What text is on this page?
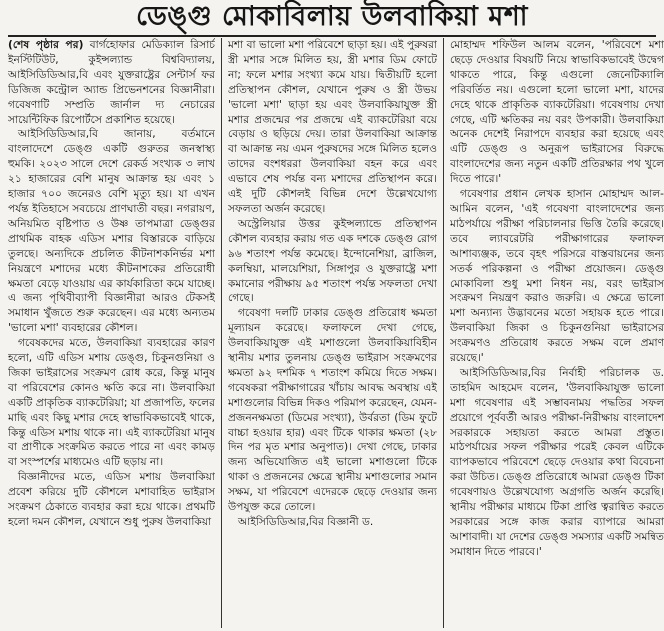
ডেঙ্গু মোকাবিলায় উলবাকিয়া মশা

(শেষ পৃষ্ঠার পর) বার্গহোফার মেডিক্যাল রিসার্চ ইনস্টিটিউট, কুইন্সল্যান্ড বিশ্ববিদ্যালয়, আইসিডিডিআর,বি এবং যুক্তরাষ্ট্রের সেন্টার্স ফর ডিজিজ কন্ট্রোল অ্যান্ড প্রিভেনশনের বিজ্ঞানীরা। গবেষণাটি সম্প্রতি জার্নাল দ্য নেচারের সায়েন্টিফিক রিপোর্টসে প্রকাশিত হয়েছে।

আইসিডিডিআর,বি জানায়, বর্তমানে বাংলাদেশে ডেঙ্গু একটি গুরুতর জনস্বাস্থ্য হুমকি। ২০২৩ সালে দেশে রেকর্ড সংখ্যক ৩ লাখ ২১ হাজারের বেশি মানুষ আক্রান্ত হয় এবং ১ হাজার ৭০০ জনেরও বেশি মৃত্যু হয়। যা এখন পর্যন্ত ইতিহাসে সবচেয়ে প্রাণঘাতী বছর। নগরায়ণ, অনিয়মিত বৃষ্টিপাত ও উষ্ণ তাপমাত্রা ডেঙ্গুর প্রাথমিক বাহক এডিস মশার বিস্তারকে বাড়িয়ে তুলছে। অন্যদিকে প্রচলিত কীটনাশকনির্ভর মশা নিয়ন্ত্রণে মশাদের মধ্যে কীটনাশকের প্রতিরোধী ক্ষমতা বেড়ে যাওয়ায় এর কার্যকারিতা কমে যাচ্ছে। এ জন্য পৃথিবীব্যাপী বিজ্ঞানীরা আরও টেকসই সমাধান খুঁজতে শুরু করেছেন। এর মধ্যে অন্যতম 'ভালো মশা' ব্যবহারের কৌশল।

গবেষকদের মতে, উলবাকিয়া ব্যবহারের কারণ হলো, এটি এডিস মশায় ডেঙ্গু, চিকুনগুনিয়া ও জিকা ভাইরাসের সংক্রমণ রোধ করে, কিন্তু মানুষ বা পরিবেশের কোনও ক্ষতি করে না। উলবাকিয়া একটি প্রাকৃতিক ব্যাকটেরিয়া; যা প্রজাপতি, ফলের মাছি এবং কিছু মশার দেহে স্বাভাবিকভাবেই থাকে, কিন্তু এডিস মশায় থাকে না। এই ব্যাকটেরিয়া মানুষ বা প্রাণীকে সংক্রমিত করতে পারে না এবং কামড় বা সংস্পর্শের মাধ্যমেও এটি ছড়ায় না।

বিজ্ঞানীদের মতে, এডিস মশায় উলবাকিয়া প্রবেশ করিয়ে দুটি কৌশলে মশাবাহিত ভাইরাস সংক্রমণ ঠেকাতে ব্যবহার করা হয়ে থাকে। প্রথমটি হলো দমন কৌশল, যেখানে শুধু পুরুষ উলবাকিয়া

মশা বা ভালো মশা পরিবেশে ছাড়া হয়। এই পুরুষরা স্ত্রী মশার সঙ্গে মিলিত হয়, স্ত্রী মশার ডিম ফোটে না; ফলে মশার সংখ্যা কমে যায়। দ্বিতীয়টি হলো প্রতিস্থাপন কৌশল, যেখানে পুরুষ ও স্ত্রী উভয় 'ভালো মশা' ছাড়া হয় এবং উলবাকিয়াযুক্ত স্ত্রী মশার প্রজন্মের পর প্রজন্মে এই ব্যাকটেরিয়া বয়ে বেড়ায় ও ছড়িয়ে দেয়। তারা উলবাকিয়া আক্রান্ত বা আক্রান্ত নয় এমন পুরুষদের সঙ্গে মিলিত হলেও তাদের বংশধররা উলবাকিয়া বহন করে এবং এভাবে শেষ পর্যন্ত বন্য মশাদের প্রতিস্থাপন করে। এই দুটি কৌশলই বিভিন্ন দেশে উল্লেখযোগ্য সফলতা অর্জন করেছে।

অস্ট্রেলিয়ার উত্তর কুইন্সল্যান্ডে প্রতিস্থাপন কৌশল ব্যবহার করায় গত এক দশকে ডেঙ্গু রোগ ৯৬ শতাংশ পর্যন্ত কমেছে। ইন্দোনেশিয়া, ব্রাজিল, কলম্বিয়া, মালয়েশিয়া, সিঙ্গাপুর ও যুক্তরাষ্ট্রে মশা কমানোর পরীক্ষায় ৯৫ শতাংশ পর্যন্ত সফলতা দেখা গেছে।

গবেষণা দলটি ঢাকার ডেঙ্গু প্রতিরোধ ক্ষমতা মূল্যায়ন করেছে। ফলাফলে দেখা গেছে, উলবাকিয়াযুক্ত এই মশাগুলো উলবাকিয়াবিহীন স্থানীয় মশার তুলনায় ডেঙ্গু ভাইরাস সংক্রমণের ক্ষমতা ৯২ দশমিক ৭ শতাংশ কমিয়ে দিতে সক্ষম। গবেষকরা পরীক্ষাগারের খাঁচায় আবদ্ধ অবস্থায় এই মশাগুলোর বিভিন্ন দিকও পরিমাপ করেছেন, যেমন- প্রজননক্ষমতা (ডিমের সংখ্যা), উর্বরতা (ডিম ফুটে বাচ্চা হওয়ার হার) এবং টিকে থাকার ক্ষমতা (২৮ দিন পর মৃত মশার অনুপাত)। দেখা গেছে, ঢাকার জন্য অভিযোজিত এই ভালো মশাগুলো টিকে থাকা ও প্রজননের ক্ষেত্রে স্থানীয় মশাগুলোর সমান সক্ষম, যা পরিবেশে এদেরকে ছেড়ে দেওয়ার জন্য উপযুক্ত করে তোলে।

আইসিডিডিআর,বির বিজ্ঞানী ড.

মোহাম্মদ শফিউল আলম বলেন, 'পরিবেশে মশা ছেড়ে দেওয়ার বিষয়টি নিয়ে স্বাভাবিকভাবেই উদ্বেগ থাকতে পারে, কিন্তু এগুলো জেনেটিক্যালি পরিবর্তিত নয়। এগুলো হলো ভালো মশা, যাদের দেহে থাকে প্রাকৃতিক ব্যাকটেরিয়া। গবেষণায় দেখা গেছে, এটি ক্ষতিকর নয় বরং উপকারী। উলবাকিয়া অনেক দেশেই নিরাপদে ব্যবহার করা হয়েছে এবং এটি ডেঙ্গু ও অনুরূপ ভাইরাসের বিরুদ্ধে বাংলাদেশের জন্য নতুন একটি প্রতিরক্ষার পথ খুলে দিতে পারে।'

গবেষণার প্রধান লেখক হাসান মোহাম্মদ আল-আমিন বলেন, 'এই গবেষণা বাংলাদেশের জন্য মাঠপর্যায়ে পরীক্ষা পরিচালনার ভিত্তি তৈরি করেছে। তবে ল্যাবরেটরি পরীক্ষাগারের ফলাফল আশাব্যঞ্জক, তবে বৃহৎ পরিসরে বাস্তবায়নের জন্য সতর্ক পরিকল্পনা ও পরীক্ষা প্রয়োজন। ডেঙ্গু মোকাবিলা শুধু মশা নিধন নয়, বরং ভাইরাস সংক্রমণ নিয়ন্ত্রণ করাও জরুরি। এ ক্ষেত্রে ভালো মশা অন্যান্য উদ্ভাবনের মতো সহায়ক হতে পারে। উলবাকিয়া জিকা ও চিকুনগুনিয়া ভাইরাসের সংক্রমণও প্রতিরোধ করতে সক্ষম বলে প্রমাণ রয়েছে।'

আইসিডিডিআর,বির নির্বাহী পরিচালক ড. তাহমিদ আহমেদ বলেন, 'উলবাকিয়াযুক্ত ভালো মশা গবেষণার এই সম্ভাবনাময় পদ্ধতির সফল প্রয়োগে পূর্ববর্তী আরও পরীক্ষা-নিরীক্ষায় বাংলাদেশ সরকারকে সহায়তা করতে আমরা প্রস্তুত। মাঠপর্যায়ের সফল পরীক্ষার পরেই কেবল এটিকে ব্যাপকভাবে পরিবেশে ছেড়ে দেওয়ার কথা বিবেচনা করা উচিত। ডেঙ্গু প্রতিরোধে আমরা ডেঙ্গু টিকা গবেষণায়ও উল্লেখযোগ্য অগ্রগতি অর্জন করেছি। স্থানীয় পরীক্ষার মাধ্যমে টিকা প্রাপ্তি ত্বরান্বিত করতে সরকারের সঙ্গে কাজ করার ব্যাপারে আমরা আশাবাদী। যা দেশের ডেঙ্গু সমস্যার একটি সমন্বিত সমাধান দিতে পারবে।'
